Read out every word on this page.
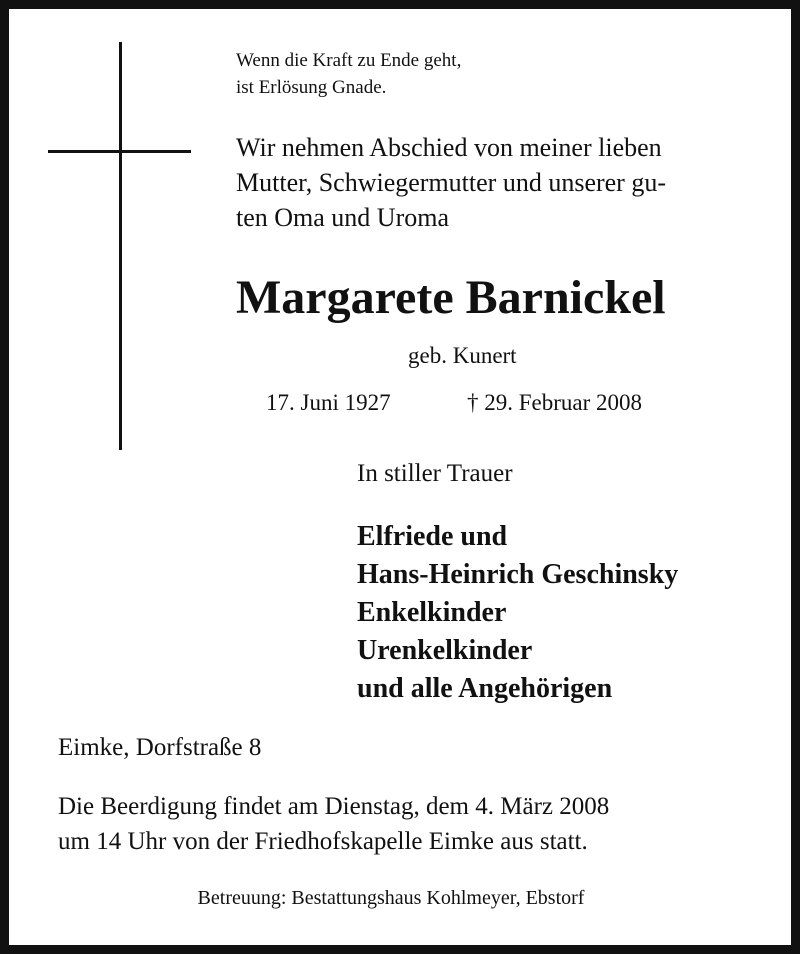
Wenn die Kraft zu Ende geht,
ist Erlösung Gnade.
Wir nehmen Abschied von meiner lieben
Mutter, Schwiegermutter und unserer gu-
ten Oma und Uroma
Margarete Barnickel
geb. Kunert
17. Juni 1927	† 29. Februar 2008
In stiller Trauer
Elfriede und
Hans-Heinrich Geschinsky
Enkelkinder
Urenkelkinder
und alle Angehörigen
Eimke, Dorfstraße 8
Die Beerdigung findet am Dienstag, dem 4. März 2008
um 14 Uhr von der Friedhofskapelle Eimke aus statt.
Betreuung: Bestattungshaus Kohlmeyer, Ebstorf
